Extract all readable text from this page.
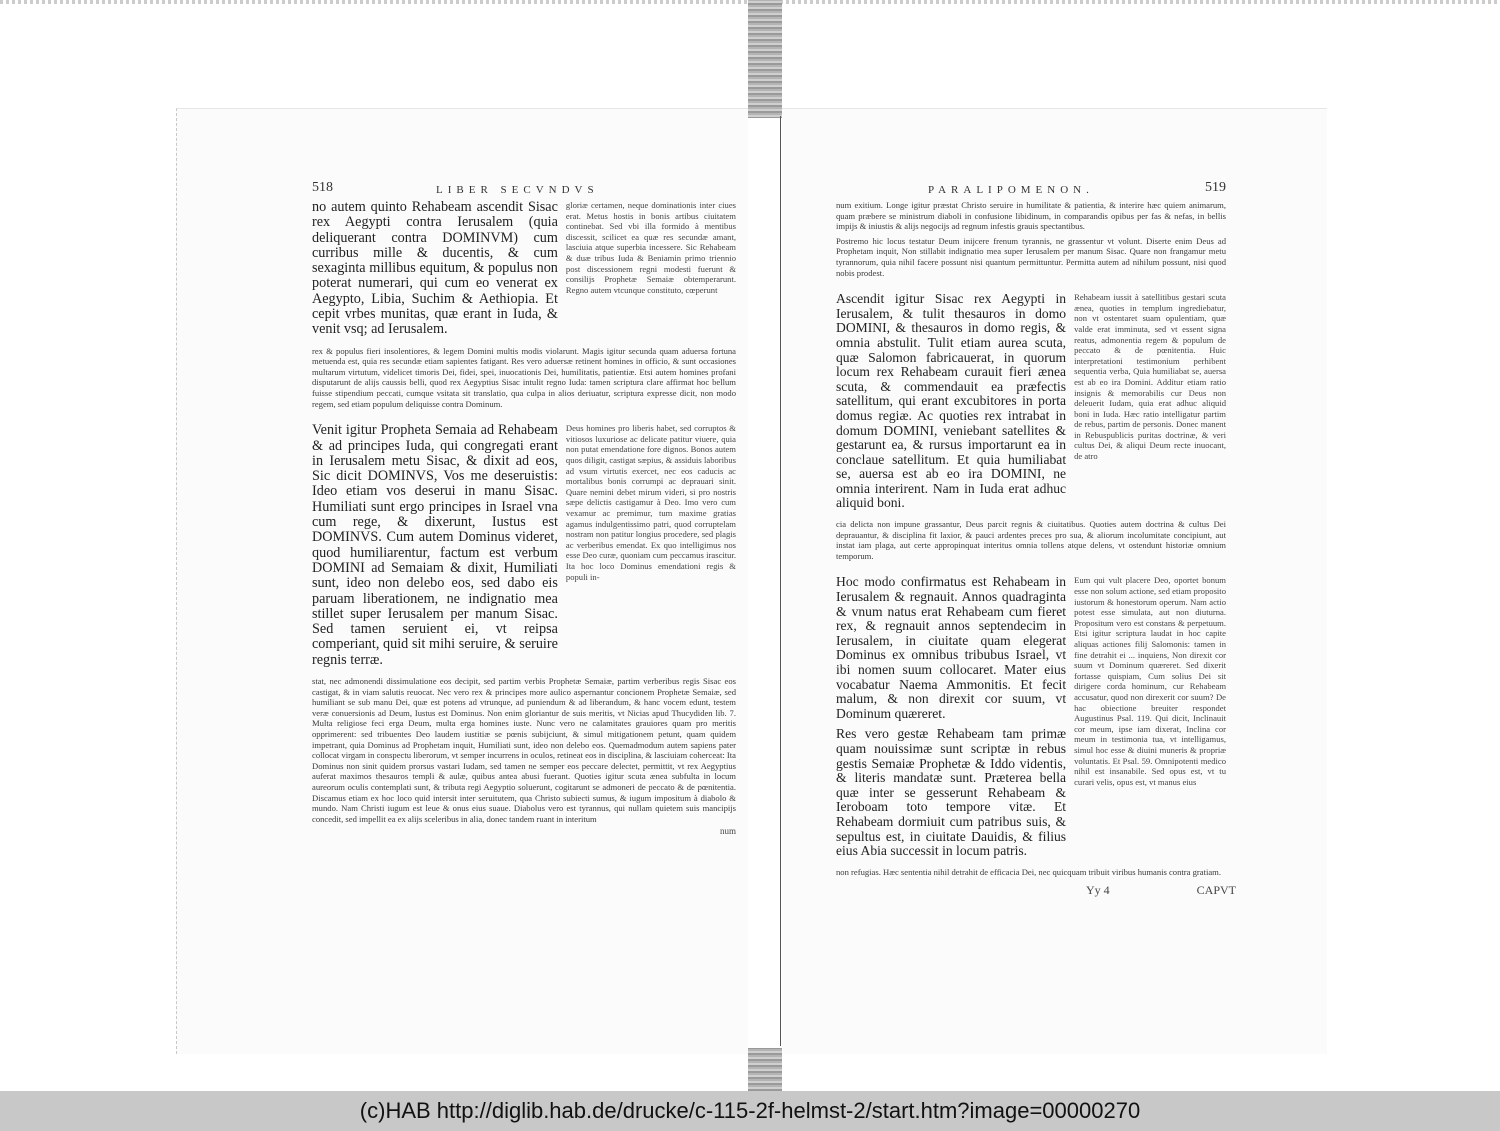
518	LIBER SECVNDVS

no autem quinto Rehabeam ascendit Sisac rex Aegypti contra Ierusalem (quia deliquerant contra DOMINVM) cum curribus mille & ducentis, & cum sexaginta millibus equitum, & populus non poterat numerari, qui cum eo venerat ex Aegypto, Libia, Suchim & Aethiopia. Et cepit vrbes munitas, quæ erant in Iuda, & venit vsq; ad Ierusalem.

gloriæ certamen, neque dominationis inter ciues erat. Metus hostis in bonis artibus ciuitatem continebat. Sed vbi illa formido à mentibus discessit, scilicet ea quæ res secundæ amant, lasciuia atque superbia incessere. Sic Rehabeam & duæ tribus Iuda & Beniamin primo triennio post discessionem regni modesti fuerunt & consilijs Prophetæ Semaiæ obtemperarunt. Regno autem vtcunque constituto, cœperunt

rex & populus fieri insolentiores, & legem Domini multis modis violarunt. Magis igitur secunda quam aduersa fortuna metuenda est, quia res secundæ etiam sapientes fatigant. Res vero aduersæ retinent homines in officio, & sunt occasiones multarum virtutum, videlicet timoris Dei, fidei, spei, inuocationis Dei, humilitatis, patientiæ. Etsi autem homines profani disputarunt de alijs caussis belli, quod rex Aegyptius Sisac intulit regno Iuda: tamen scriptura clare affirmat hoc bellum fuisse stipendium peccati, cumque vsitata sit translatio, qua culpa in alios deriuatur, scriptura expresse dicit, non modo regem, sed etiam populum deliquisse contra Dominum.

Venit igitur Propheta Semaia ad Rehabeam & ad principes Iuda, qui congregati erant in Ierusalem metu Sisac, & dixit ad eos, Sic dicit DOMINVS, Vos me deseruistis: Ideo etiam vos deserui in manu Sisac. Humiliati sunt ergo principes in Israel vna cum rege, & dixerunt, Iustus est DOMINVS. Cum autem Dominus videret, quod humiliarentur, factum est verbum DOMINI ad Semaiam & dixit, Humiliati sunt, ideo non delebo eos, sed dabo eis paruam liberationem, ne indignatio mea stillet super Ierusalem per manum Sisac. Sed tamen seruient ei, vt reipsa comperiant, quid sit mihi seruire, & seruire regnis terræ.

Deus homines pro liberis habet, sed corruptos & vitiosos luxuriose ac delicate patitur viuere, quia non putat emendatione fore dignos. Bonos autem quos diligit, castigat sæpius, & assiduis laboribus ad vsum virtutis exercet, nec eos caducis ac mortalibus bonis corrumpi ac deprauari sinit. Quare nemini debet mirum videri, si pro nostris sæpe delictis castigamur à Deo. Imo vero cum vexamur ac premimur, tum maxime gratias agamus indulgentissimo patri, quod corruptelam nostram non patitur longius procedere, sed plagis ac verberibus emendat. Ex quo intelligimus nos esse Deo curæ, quoniam cum peccamus irascitur. Ita hoc loco Dominus emendationi regis & populi in-

stat, nec admonendi dissimulatione eos decipit, sed partim verbis Prophetæ Semaiæ, partim verberibus regis Sisac eos castigat, & in viam salutis reuocat. Nec vero rex & principes more aulico aspernantur concionem Prophetæ Semaiæ, sed humiliant se sub manu Dei, quæ est potens ad vtrunque, ad puniendum & ad liberandum, & hanc vocem edunt, testem veræ conuersionis ad Deum, Iustus est Dominus. Non enim gloriantur de suis meritis, vt Nicias apud Thucydiden lib. 7. Multa religiose feci erga Deum, multa erga homines iuste. Nunc vero ne calamitates grauiores quam pro meritis opprimerent: sed tribuentes Deo laudem iustitiæ se pœnis subijciunt, & simul mitigationem petunt, quam quidem impetrant, quia Dominus ad Prophetam inquit, Humiliati sunt, ideo non delebo eos. Quemadmodum autem sapiens pater collocat virgam in conspectu liberorum, vt semper incurrens in oculos, retineat eos in disciplina, & lasciuiam coherceat: Ita Dominus non sinit quidem prorsus vastari Iudam, sed tamen ne semper eos peccare delectet, permittit, vt rex Aegyptius auferat maximos thesauros templi & aulæ, quibus antea abusi fuerant. Quoties igitur scuta ænea subfulta in locum aureorum oculis contemplati sunt, & tributa regi Aegyptio soluerunt, cogitarunt se admoneri de peccato & de pœnitentia. Discamus etiam ex hoc loco quid intersit inter seruitutem, qua Christo subiecti sumus, & iugum impositum à diabolo & mundo. Nam Christi iugum est leue & onus eius suaue. Diabolus vero est tyrannus, qui nullam quietem suis mancipijs concedit, sed impellit ea ex alijs sceleribus in alia, donec tandem ruant in interitum

num
PARALIPOMENON.	519

num exitium. Longe igitur præstat Christo seruire in humilitate & patientia, & interire hæc quiem animarum, quam præbere se ministrum diaboli in confusione libidinum, in comparandis opibus per fas & nefas, in bellis impijs & iniustis & alijs negocijs ad regnum infestis grauis spectantibus.

Postremo hic locus testatur Deum inijcere frenum tyrannis, ne grassentur vt volunt. Diserte enim Deus ad Prophetam inquit, Non stillabit indignatio mea super Ierusalem per manum Sisac. Quare non frangamur metu tyrannorum, quia nihil facere possunt nisi quantum permittuntur. Permitta autem ad nihilum possunt, nisi quod nobis prodest.

Ascendit igitur Sisac rex Aegypti in Ierusalem, & tulit thesauros in domo DOMINI, & thesauros in domo regis, & omnia abstulit. Tulit etiam aurea scuta, quæ Salomon fabricauerat, in quorum locum rex Rehabeam curauit fieri ænea scuta, & commendauit ea præfectis satellitum, qui erant excubitores in porta domus regiæ. Ac quoties rex intrabat in domum DOMINI, veniebant satellites & gestarunt ea, & rursus importarunt ea in conclaue satellitum. Et quia humiliabat se, auersa est ab eo ira DOMINI, ne omnia interirent. Nam in Iuda erat adhuc aliquid boni.

Rehabeam iussit à satellitibus gestari scuta ænea, quoties in templum ingrediebatur, non vt ostentaret suam opulentiam, quæ valde erat imminuta, sed vt essent signa reatus, admonentia regem & populum de peccato & de pœnitentia. Huic interpretationi testimonium perhibent sequentia verba, Quia humiliabat se, auersa est ab eo ira Domini. Additur etiam ratio insignis & memorabilis cur Deus non deleuerit Iudam, quia erat adhuc aliquid boni in Iuda. Hæc ratio intelligatur partim de rebus, partim de personis. Donec manent in Rebuspublicis puritas doctrinæ, & veri cultus Dei, & aliqui Deum recte inuocant, de atro

cia delicta non impune grassantur, Deus parcit regnis & ciuitatibus. Quoties autem doctrina & cultus Dei deprauantur, & disciplina fit laxior, & pauci ardentes preces pro sua, & aliorum incolumitate concipiunt, aut instat iam plaga, aut certe appropinquat interitus omnia tollens atque delens, vt ostendunt historiæ omnium temporum.

Hoc modo confirmatus est Rehabeam in Ierusalem & regnauit. Annos quadraginta & vnum natus erat Rehabeam cum fieret rex, & regnauit annos septendecim in Ierusalem, in ciuitate quam elegerat Dominus ex omnibus tribubus Israel, vt ibi nomen suum collocaret. Mater eius vocabatur Naema Ammonitis. Et fecit malum, & non direxit cor suum, vt Dominum quæreret.

Res vero gestæ Rehabeam tam primæ quam nouissimæ sunt scriptæ in rebus gestis Semaiæ Prophetæ & Iddo videntis, & literis mandatæ sunt. Præterea bella quæ inter se gesserunt Rehabeam & Ieroboam toto tempore vitæ. Et Rehabeam dormiuit cum patribus suis, & sepultus est, in ciuitate Dauidis, & filius eius Abia successit in locum patris.

Eum qui vult placere Deo, oportet bonum esse non solum actione, sed etiam proposito iustorum & honestorum operum. Nam actio potest esse simulata, aut non diuturna. Propositum vero est constans & perpetuum. Etsi igitur scriptura laudat in hoc capite aliquas actiones filij Salomonis: tamen in fine detrahit ei ... inquiens, Non direxit cor suum vt Dominum quæreret. Sed dixerit fortasse quispiam, Cum solius Dei sit dirigere corda hominum, cur Rehabeam accusatur, quod non direxerit cor suum? De hac obiectione breuiter respondet Augustinus Psal. 119. Qui dicit, Inclinauit cor meum, ipse iam dixerat, Inclina cor meum in testimonia tua, vt intelligamus, simul hoc esse & diuini muneris & propriæ voluntatis. Et Psal. 59. Omnipotenti medico nihil est insanabile. Sed opus est, vt tu curari velis, opus est, vt manus eius

non refugias. Hæc sententia nihil detrahit de efficacia Dei, nec quicquam tribuit viribus humanis contra gratiam.

Yy 4	CAPVT
(c)HAB http://diglib.hab.de/drucke/c-115-2f-helmst-2/start.htm?image=00000270
